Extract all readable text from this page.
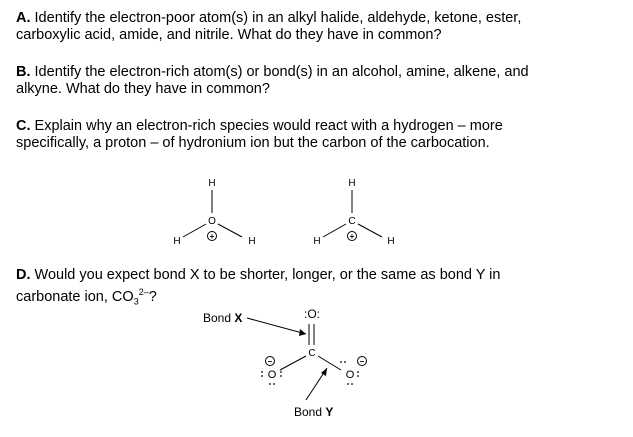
A. Identify the electron-poor atom(s) in an alkyl halide, aldehyde, ketone, ester,
carboxylic acid, amide, and nitrile. What do they have in common?
B. Identify the electron-rich atom(s) or bond(s) in an alcohol, amine, alkene, and
alkyne. What do they have in common?
C. Explain why an electron-rich species would react with a hydrogen – more
specifically, a proton – of hydronium ion but the carbon of the carbocation.
D. Would you expect bond X to be shorter, longer, or the same as bond Y in
carbonate ion, $CO_3^{2-}$?
H
O
H	H
+
H
C
H	H
+
Bond X	:O:
C
O
–
O
–
Bond Y
